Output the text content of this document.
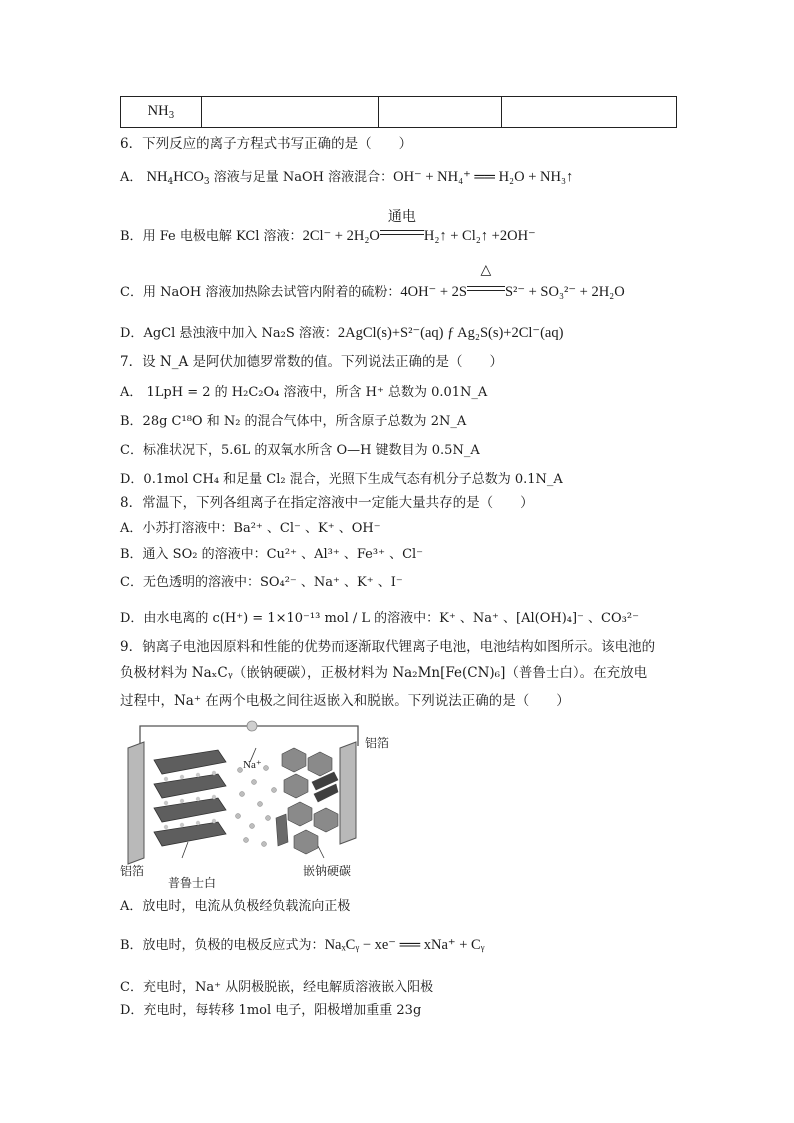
$NH_3$			
6．下列反应的离子方程式书写正确的是（　　）
A． $NH_4HCO_3$ 溶液与足量 NaOH 溶液混合：OH⁻ + NH₄⁺ ══ H₂O + NH₃↑
B．用 Fe 电极电解 KCl 溶液：2Cl⁻ + 2H₂O
通电
H₂↑ + Cl₂↑ +2OH⁻
C．用 NaOH 溶液加热除去试管内附着的硫粉：4OH⁻ + 2S
△
S²⁻ + SO₃²⁻ + 2H₂O
D．AgCl 悬浊液中加入 Na₂S 溶液：2AgCl(s)+S²⁻(aq) ƒ Ag₂S(s)+2Cl⁻(aq)
7．设 N_A 是阿伏加德罗常数的值。下列说法正确的是（　　）
A． 1LpH = 2 的 H₂C₂O₄ 溶液中，所含 H⁺ 总数为 0.01N_A
B．28g C¹⁸O 和 N₂ 的混合气体中，所含原子总数为 2N_A
C．标准状况下，5.6L 的双氧水所含 O—H 键数目为 0.5N_A
D．0.1mol CH₄ 和足量 Cl₂ 混合，光照下生成气态有机分子总数为 0.1N_A
8．常温下，下列各组离子在指定溶液中一定能大量共存的是（　　）
A．小苏打溶液中：Ba²⁺ 、Cl⁻ 、K⁺ 、OH⁻
B．通入 SO₂ 的溶液中：Cu²⁺ 、Al³⁺ 、Fe³⁺ 、Cl⁻
C．无色透明的溶液中：SO₄²⁻ 、Na⁺ 、K⁺ 、I⁻
D．由水电离的 c(H⁺) = 1×10⁻¹³ mol / L 的溶液中：K⁺ 、Na⁺ 、[Al(OH)₄]⁻ 、CO₃²⁻
9．钠离子电池因原料和性能的优势而逐渐取代锂离子电池，电池结构如图所示。该电池的
负极材料为 NaₓCᵧ（嵌钠硬碳），正极材料为 Na₂Mn[Fe(CN)₆]（普鲁士白）。在充放电
过程中，Na⁺ 在两个电极之间往返嵌入和脱嵌。下列说法正确的是（　　）
铝箔
Na⁺
铝箔
普鲁士白
嵌钠硬碳
A．放电时，电流从负极经负载流向正极
B．放电时，负极的电极反应式为：NaₓCᵧ − xe⁻ ══ xNa⁺ + Cᵧ
C．充电时，Na⁺ 从阴极脱嵌，经电解质溶液嵌入阳极
D．充电时，每转移 1mol 电子，阳极增加重重 23g
